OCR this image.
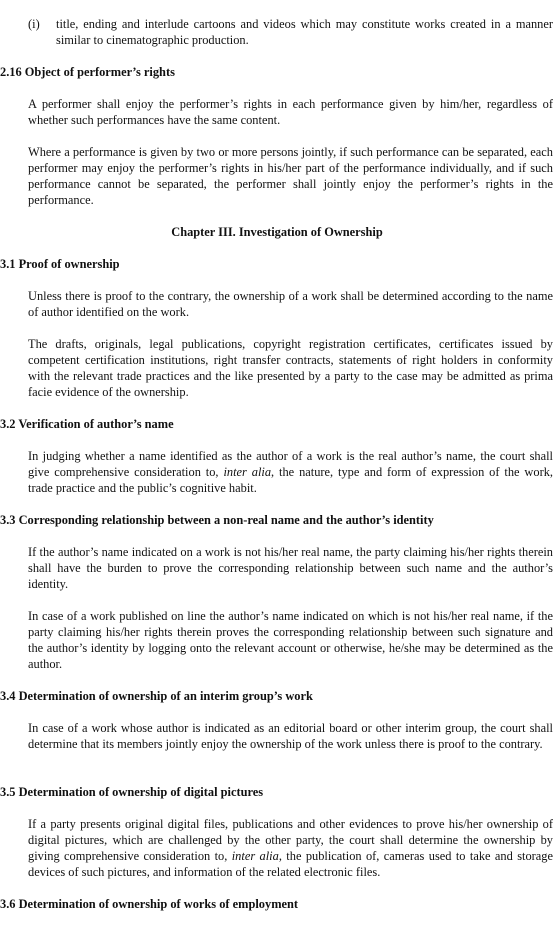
(i) title, ending and interlude cartoons and videos which may constitute works created in a manner similar to cinematographic production.

2.16 Object of performer’s rights

A performer shall enjoy the performer’s rights in each performance given by him/her, regardless of whether such performances have the same content.

Where a performance is given by two or more persons jointly, if such performance can be separated, each performer may enjoy the performer’s rights in his/her part of the performance individually, and if such performance cannot be separated, the performer shall jointly enjoy the performer’s rights in the performance.

Chapter III. Investigation of Ownership
3.1 Proof of ownership

Unless there is proof to the contrary, the ownership of a work shall be determined according to the name of author identified on the work.

The drafts, originals, legal publications, copyright registration certificates, certificates issued by competent certification institutions, right transfer contracts, statements of right holders in conformity with the relevant trade practices and the like presented by a party to the case may be admitted as prima facie evidence of the ownership.

3.2 Verification of author’s name

In judging whether a name identified as the author of a work is the real author’s name, the court shall give comprehensive consideration to, inter alia, the nature, type and form of expression of the work, trade practice and the public’s cognitive habit.

3.3 Corresponding relationship between a non-real name and the author’s identity

If the author’s name indicated on a work is not his/her real name, the party claiming his/her rights therein shall have the burden to prove the corresponding relationship between such name and the author’s identity.

In case of a work published on line the author’s name indicated on which is not his/her real name, if the party claiming his/her rights therein proves the corresponding relationship between such signature and the author’s identity by logging onto the relevant account or otherwise, he/she may be determined as the author.

3.4 Determination of ownership of an interim group’s work

In case of a work whose author is indicated as an editorial board or other interim group, the court shall determine that its members jointly enjoy the ownership of the work unless there is proof to the contrary.

3.5 Determination of ownership of digital pictures

If a party presents original digital files, publications and other evidences to prove his/her ownership of digital pictures, which are challenged by the other party, the court shall determine the ownership by giving comprehensive consideration to, inter alia, the publication of, cameras used to take and storage devices of such pictures, and information of the related electronic files.

3.6 Determination of ownership of works of employment
